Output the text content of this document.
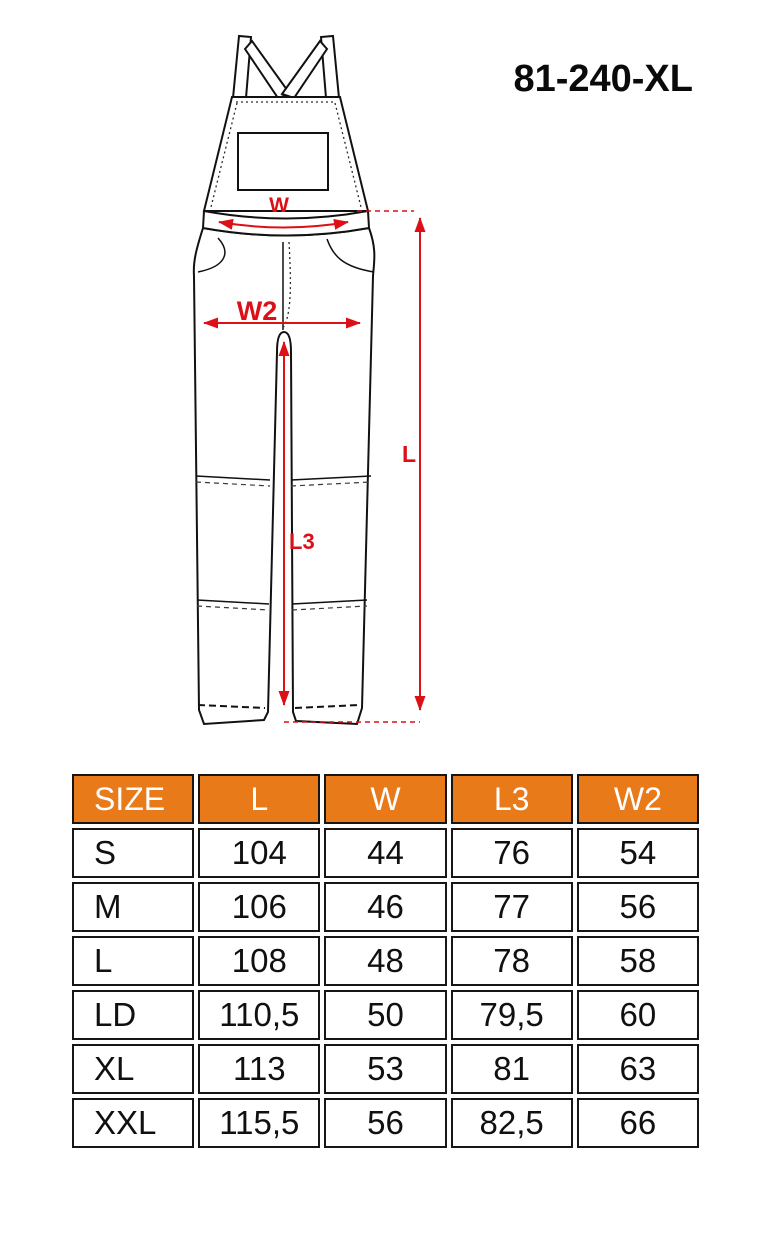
81-240-XL
W
L
W2
L3
SIZE	L	W	L3	W2
S	104	44	76	54
M	106	46	77	56
L	108	48	78	58
LD	110,5	50	79,5	60
XL	113	53	81	63
XXL	115,5	56	82,5	66
